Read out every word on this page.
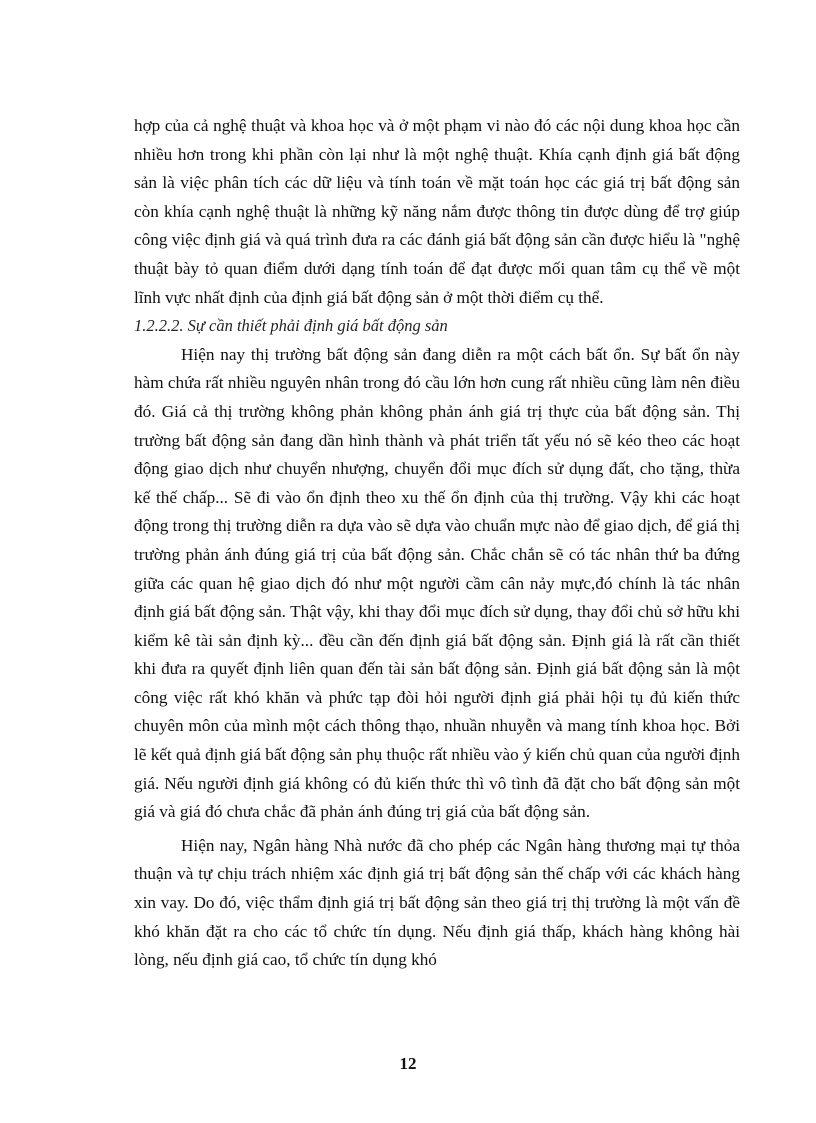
hợp của cả nghệ thuật và khoa học và ở một phạm vi nào đó các nội dung khoa học cần nhiều hơn trong khi phần còn lại như là một nghệ thuật. Khía cạnh định giá bất động sản là việc phân tích các dữ liệu và tính toán về mặt toán học các giá trị bất động sản còn khía cạnh nghệ thuật là những kỹ năng nắm được thông tin được dùng để trợ giúp công việc định giá và quá trình đưa ra các đánh giá bất động sản cần được hiểu là "nghệ thuật bày tỏ quan điểm dưới dạng tính toán để đạt được mối quan tâm cụ thể về một lĩnh vực nhất định của định giá bất động sản ở một thời điểm cụ thể.

1.2.2.2. Sự cần thiết phải định giá bất động sản

Hiện nay thị trường bất động sản đang diễn ra một cách bất ổn. Sự bất ổn này hàm chứa rất nhiều nguyên nhân trong đó cầu lớn hơn cung rất nhiều cũng làm nên điều đó. Giá cả thị trường không phản không phản ánh giá trị thực của bất động sản. Thị trường bất động sản đang dần hình thành và phát triển tất yếu nó sẽ kéo theo các hoạt động giao dịch như chuyển nhượng, chuyển đổi mục đích sử dụng đất, cho tặng, thừa kế thế chấp... Sẽ đi vào ổn định theo xu thế ổn định của thị trường. Vậy khi các hoạt động trong thị trường diễn ra dựa vào sẽ dựa vào chuẩn mực nào để giao dịch, để giá thị trường phản ánh đúng giá trị của bất động sản. Chắc chắn sẽ có tác nhân thứ ba đứng giữa các quan hệ giao dịch đó như một người cầm cân nảy mực,đó chính là tác nhân định giá bất động sản. Thật vậy, khi thay đổi mục đích sử dụng, thay đổi chủ sở hữu khi kiểm kê tài sản định kỳ... đều cần đến định giá bất động sản. Định giá là rất cần thiết khi đưa ra quyết định liên quan đến tài sản bất động sản. Định giá bất động sản là một công việc rất khó khăn và phức tạp đòi hỏi người định giá phải hội tụ đủ kiến thức chuyên môn của mình một cách thông thạo, nhuần nhuyễn và mang tính khoa học. Bởi lẽ kết quả định giá bất động sản phụ thuộc rất nhiều vào ý kiến chủ quan của người định giá. Nếu người định giá không có đủ kiến thức thì vô tình đã đặt cho bất động sản một giá và giá đó chưa chắc đã phản ánh đúng trị giá của bất động sản.

Hiện nay, Ngân hàng Nhà nước đã cho phép các Ngân hàng thương mại tự thỏa thuận và tự chịu trách nhiệm xác định giá trị bất động sản thế chấp với các khách hàng xin vay. Do đó, việc thẩm định giá trị bất động sản theo giá trị thị trường là một vấn đề khó khăn đặt ra cho các tổ chức tín dụng. Nếu định giá thấp, khách hàng không hài lòng, nếu định giá cao, tổ chức tín dụng khó

12
